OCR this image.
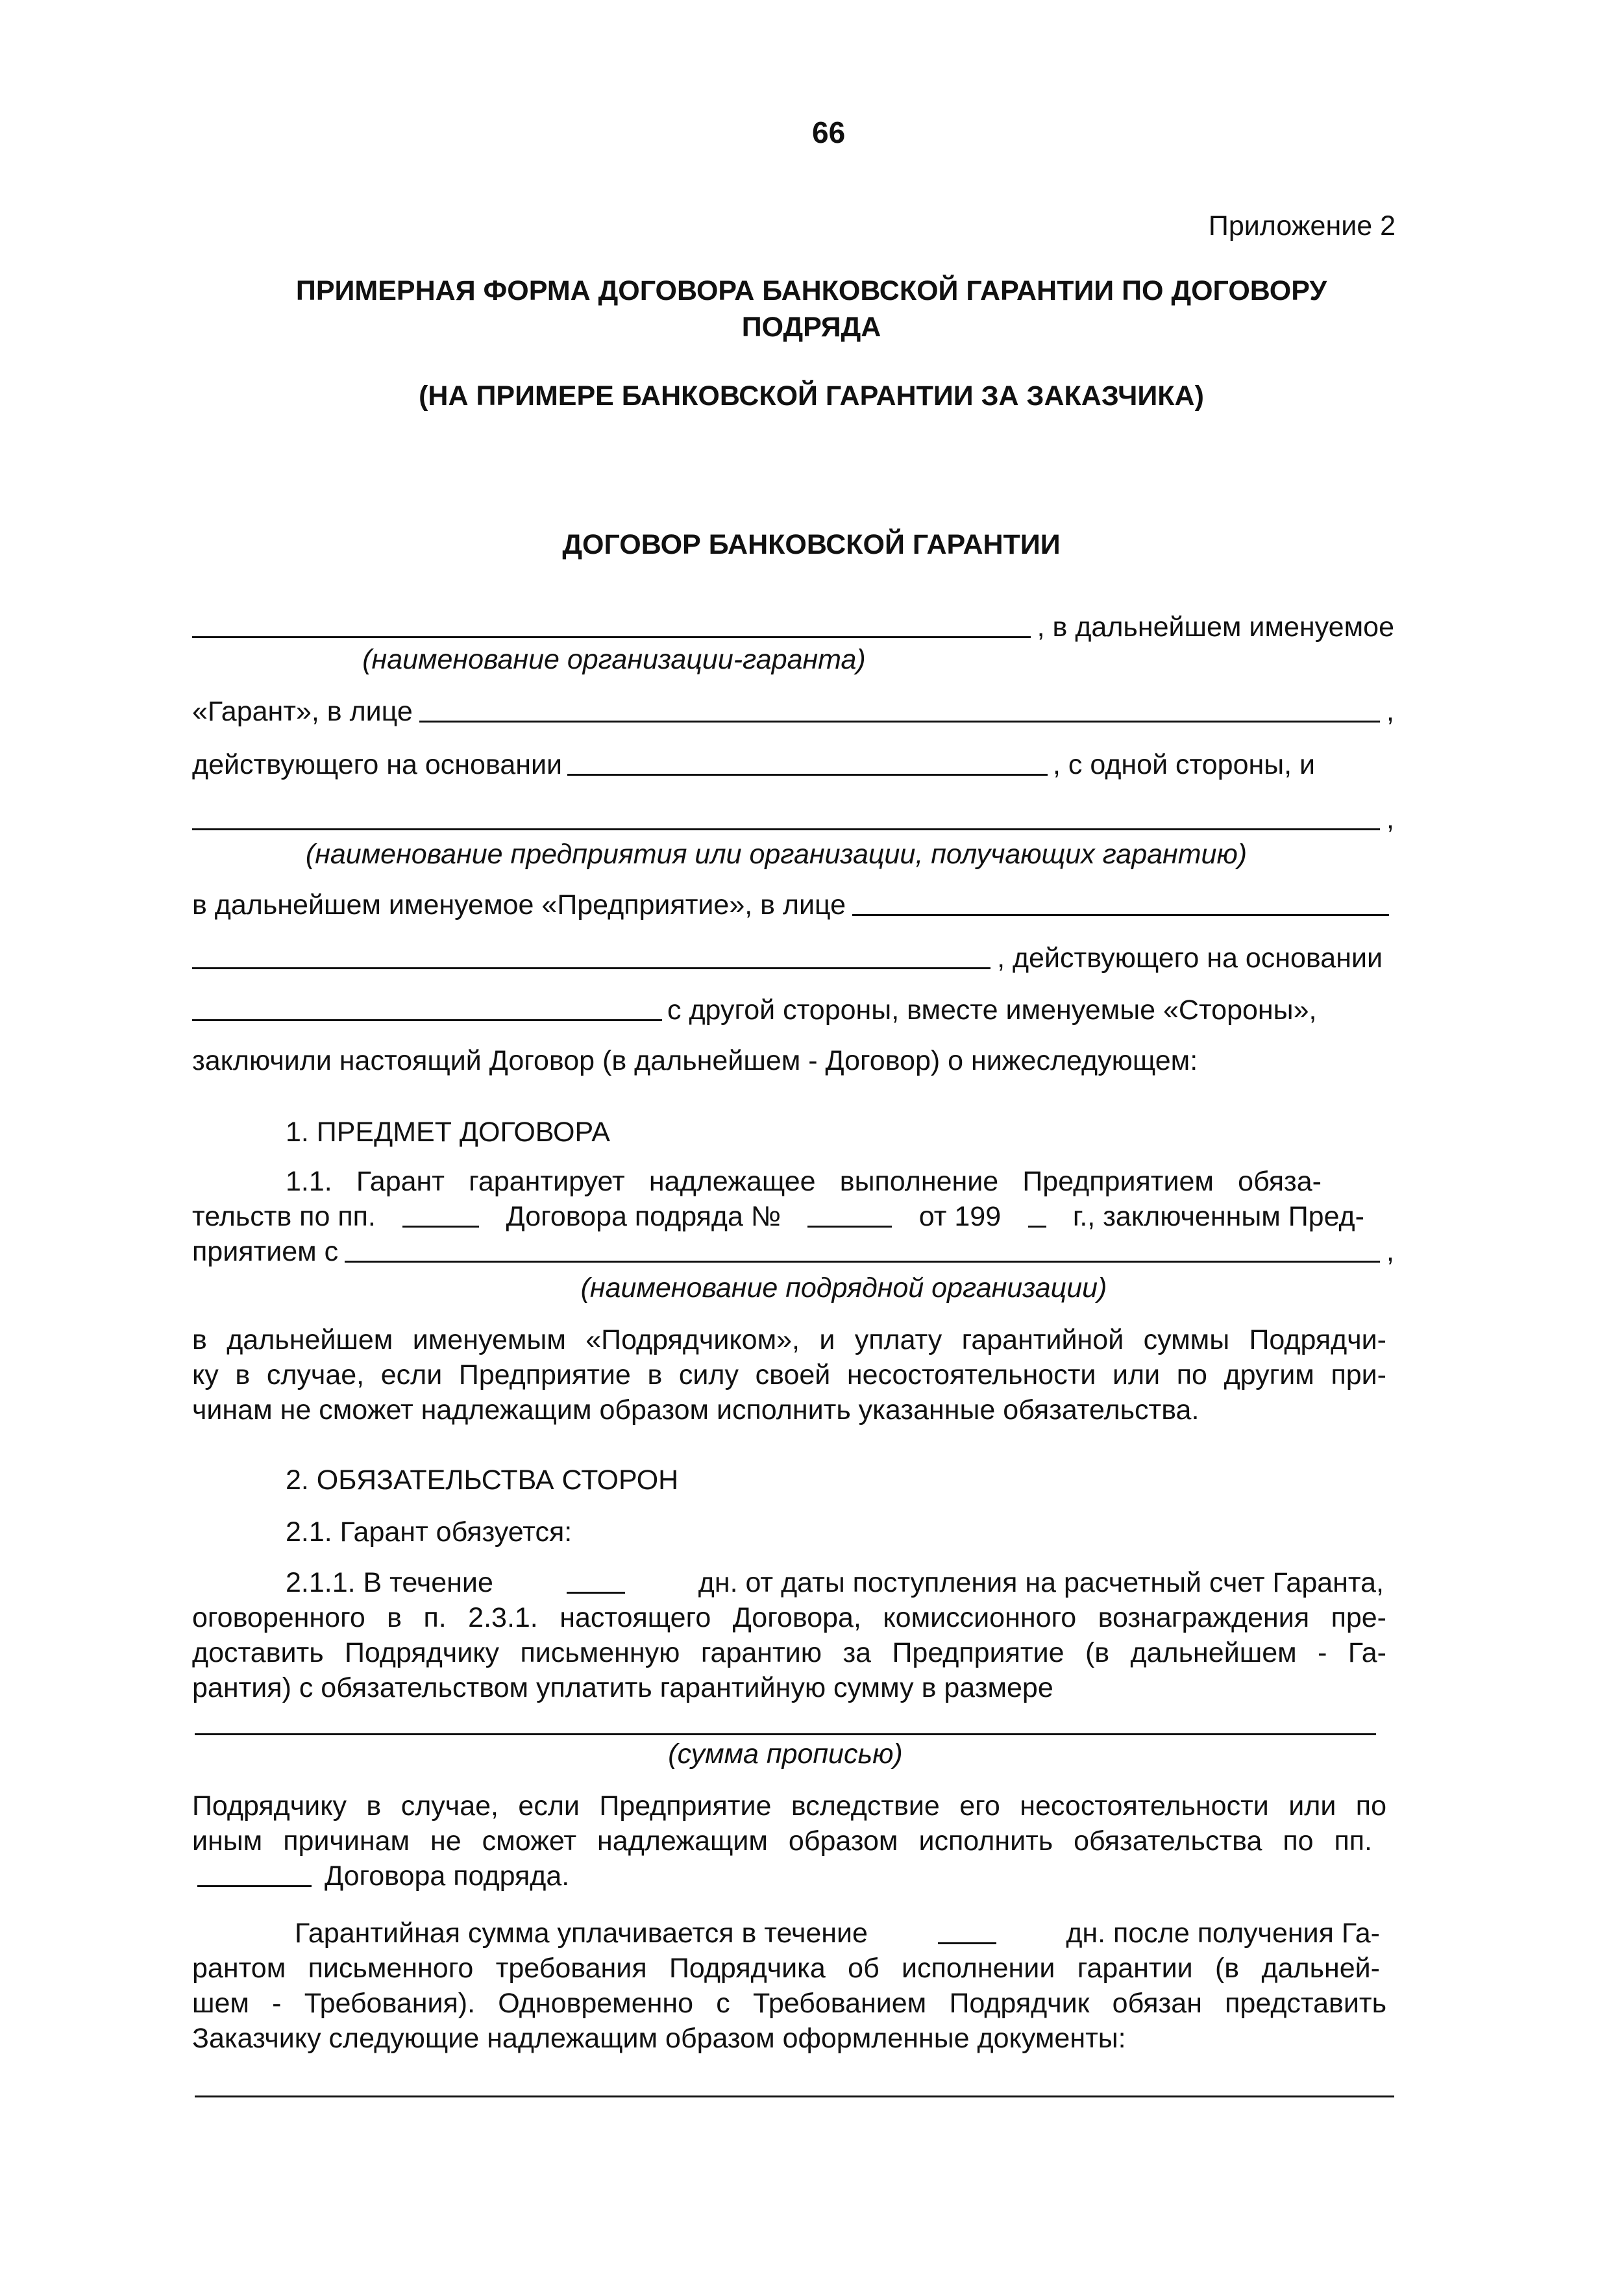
66
Приложение 2
ПРИМЕРНАЯ ФОРМА ДОГОВОРА БАНКОВСКОЙ ГАРАНТИИ ПО ДОГОВОРУ
ПОДРЯДА
(НА ПРИМЕРЕ БАНКОВСКОЙ ГАРАНТИИ ЗА ЗАКАЗЧИКА)
ДОГОВОР БАНКОВСКОЙ ГАРАНТИИ
, в дальнейшем именуемое
(наименование организации-гаранта)
«Гарант», в лице	,
действующего на основании	, с одной стороны, и
,
(наименование предприятия или организации, получающих гарантию)
в дальнейшем именуемое «Предприятие», в лице
, действующего на основании
с другой стороны, вместе именуемые «Стороны»,
заключили настоящий Договор (в дальнейшем - Договор) о нижеследующем:
1. ПРЕДМЕТ ДОГОВОРА
1.1. Гарант гарантирует надлежащее выполнение Предприятием обяза-
тельств по пп.	Договора подряда №	от 199	г., заключенным Пред-
приятием с	,
(наименование подрядной организации)
в дальнейшем именуемым «Подрядчиком», и уплату гарантийной суммы Подрядчи-
ку в случае, если Предприятие в силу своей несостоятельности или по другим при-
чинам не сможет надлежащим образом исполнить указанные обязательства.
2. ОБЯЗАТЕЛЬСТВА СТОРОН
2.1. Гарант обязуется:
2.1.1. В течение	дн. от даты поступления на расчетный счет Гаранта,
оговоренного в п. 2.3.1. настоящего Договора, комиссионного вознаграждения пре-
доставить Подрядчику письменную гарантию за Предприятие (в дальнейшем - Га-
рантия) с обязательством уплатить гарантийную сумму в размере
(сумма прописью)
Подрядчику в случае, если Предприятие вследствие его несостоятельности или по
иным причинам не сможет надлежащим образом исполнить обязательства по пп.
Договора подряда.
Гарантийная сумма уплачивается в течение	дн. после получения Га-
рантом письменного требования Подрядчика об исполнении гарантии (в дальней-
шем - Требования). Одновременно с Требованием Подрядчик обязан представить
Заказчику следующие надлежащим образом оформленные документы:
